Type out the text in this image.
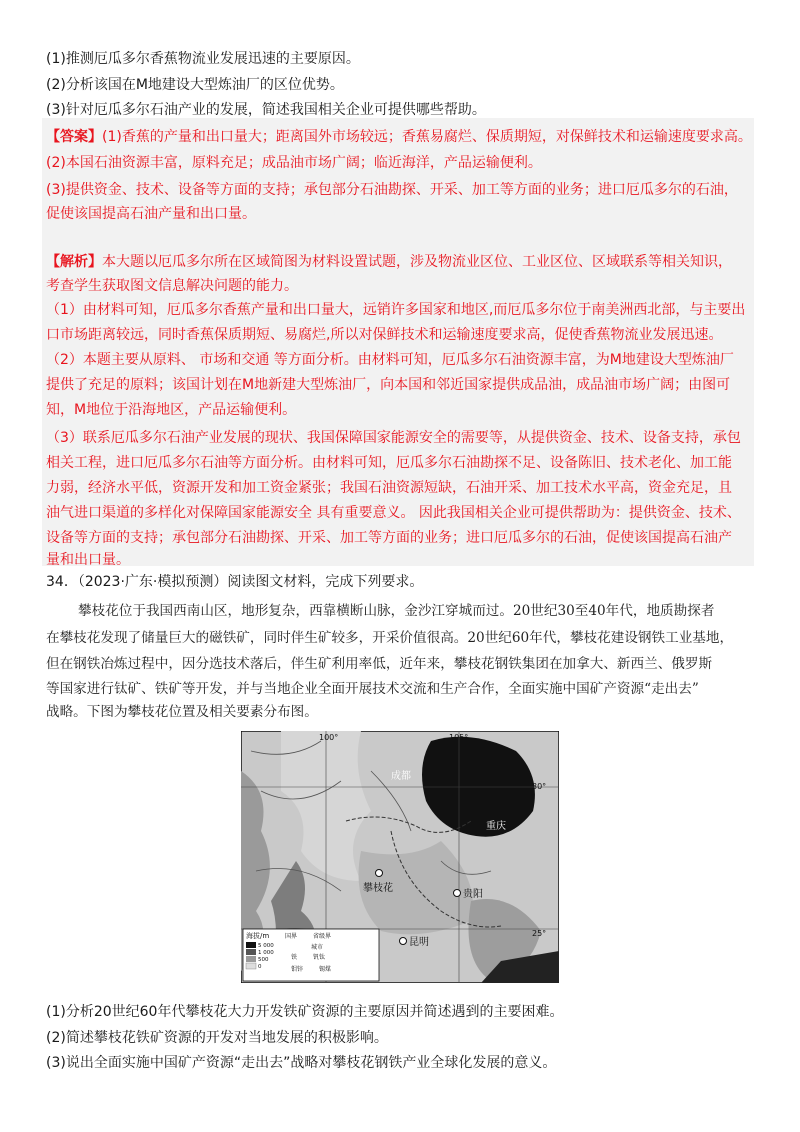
(1)推测厄瓜多尔香蕉物流业发展迅速的主要原因。
(2)分析该国在M地建设大型炼油厂的区位优势。
(3)针对厄瓜多尔石油产业的发展，简述我国相关企业可提供哪些帮助。
【答案】(1)香蕉的产量和出口量大；距离国外市场较远；香蕉易腐烂、保质期短，对保鲜技术和运输速度要求高。
(2)本国石油资源丰富，原料充足；成品油市场广阔；临近海洋，产品运输便利。
(3)提供资金、技术、设备等方面的支持；承包部分石油勘探、开采、加工等方面的业务；进口厄瓜多尔的石油，
促使该国提高石油产量和出口量。
【解析】本大题以厄瓜多尔所在区域简图为材料设置试题，涉及物流业区位、工业区位、区域联系等相关知识，
考查学生获取图文信息解决问题的能力。
（1）由材料可知，厄瓜多尔香蕉产量和出口量大，远销许多国家和地区,而厄瓜多尔位于南美洲西北部，与主要出
口市场距离较远，同时香蕉保质期短、易腐烂,所以对保鲜技术和运输速度要求高，促使香蕉物流业发展迅速。
（2）本题主要从原料、 市场和交通 等方面分析。由材料可知，厄瓜多尔石油资源丰富，为M地建设大型炼油厂
提供了充足的原料；该国计划在M地新建大型炼油厂，向本国和邻近国家提供成品油，成品油市场广阔；由图可
知，M地位于沿海地区，产品运输便利。
（3）联系厄瓜多尔石油产业发展的现状、我国保障国家能源安全的需要等，从提供资金、技术、设备支持，承包
相关工程，进口厄瓜多尔石油等方面分析。由材料可知，厄瓜多尔石油勘探不足、设备陈旧、技术老化、加工能
力弱，经济水平低，资源开发和加工资金紧张；我国石油资源短缺，石油开采、加工技术水平高，资金充足，且
油气进口渠道的多样化对保障国家能源安全 具有重要意义。 因此我国相关企业可提供帮助为：提供资金、技术、
设备等方面的支持；承包部分石油勘探、开采、加工等方面的业务；进口厄瓜多尔的石油，促使该国提高石油产
量和出口量。
34．（2023·广东·模拟预测）阅读图文材料，完成下列要求。
攀枝花位于我国西南山区，地形复杂，西靠横断山脉，金沙江穿城而过。20世纪30至40年代，地质勘探者
在攀枝花发现了储量巨大的磁铁矿，同时伴生矿较多，开采价值很高。20世纪60年代，攀枝花建设钢铁工业基地，
但在钢铁冶炼过程中，因分选技术落后，伴生矿利用率低，近年来，攀枝花钢铁集团在加拿大、新西兰、俄罗斯
等国家进行钛矿、铁矿等开发，并与当地企业全面开展技术交流和生产合作，全面实施中国矿产资源“走出去”
战略。下图为攀枝花位置及相关要素分布图。
100°	105°
30°
25°
成都
重庆
攀枝花
贵阳
昆明
海拔/m
5 000
1 000
500
0
国界	省级界
城市
铁	钒钛
钼锌	锡煤
(1)分析20世纪60年代攀枝花大力开发铁矿资源的主要原因并简述遇到的主要困难。
(2)简述攀枝花铁矿资源的开发对当地发展的积极影响。
(3)说出全面实施中国矿产资源“走出去”战略对攀枝花钢铁产业全球化发展的意义。
